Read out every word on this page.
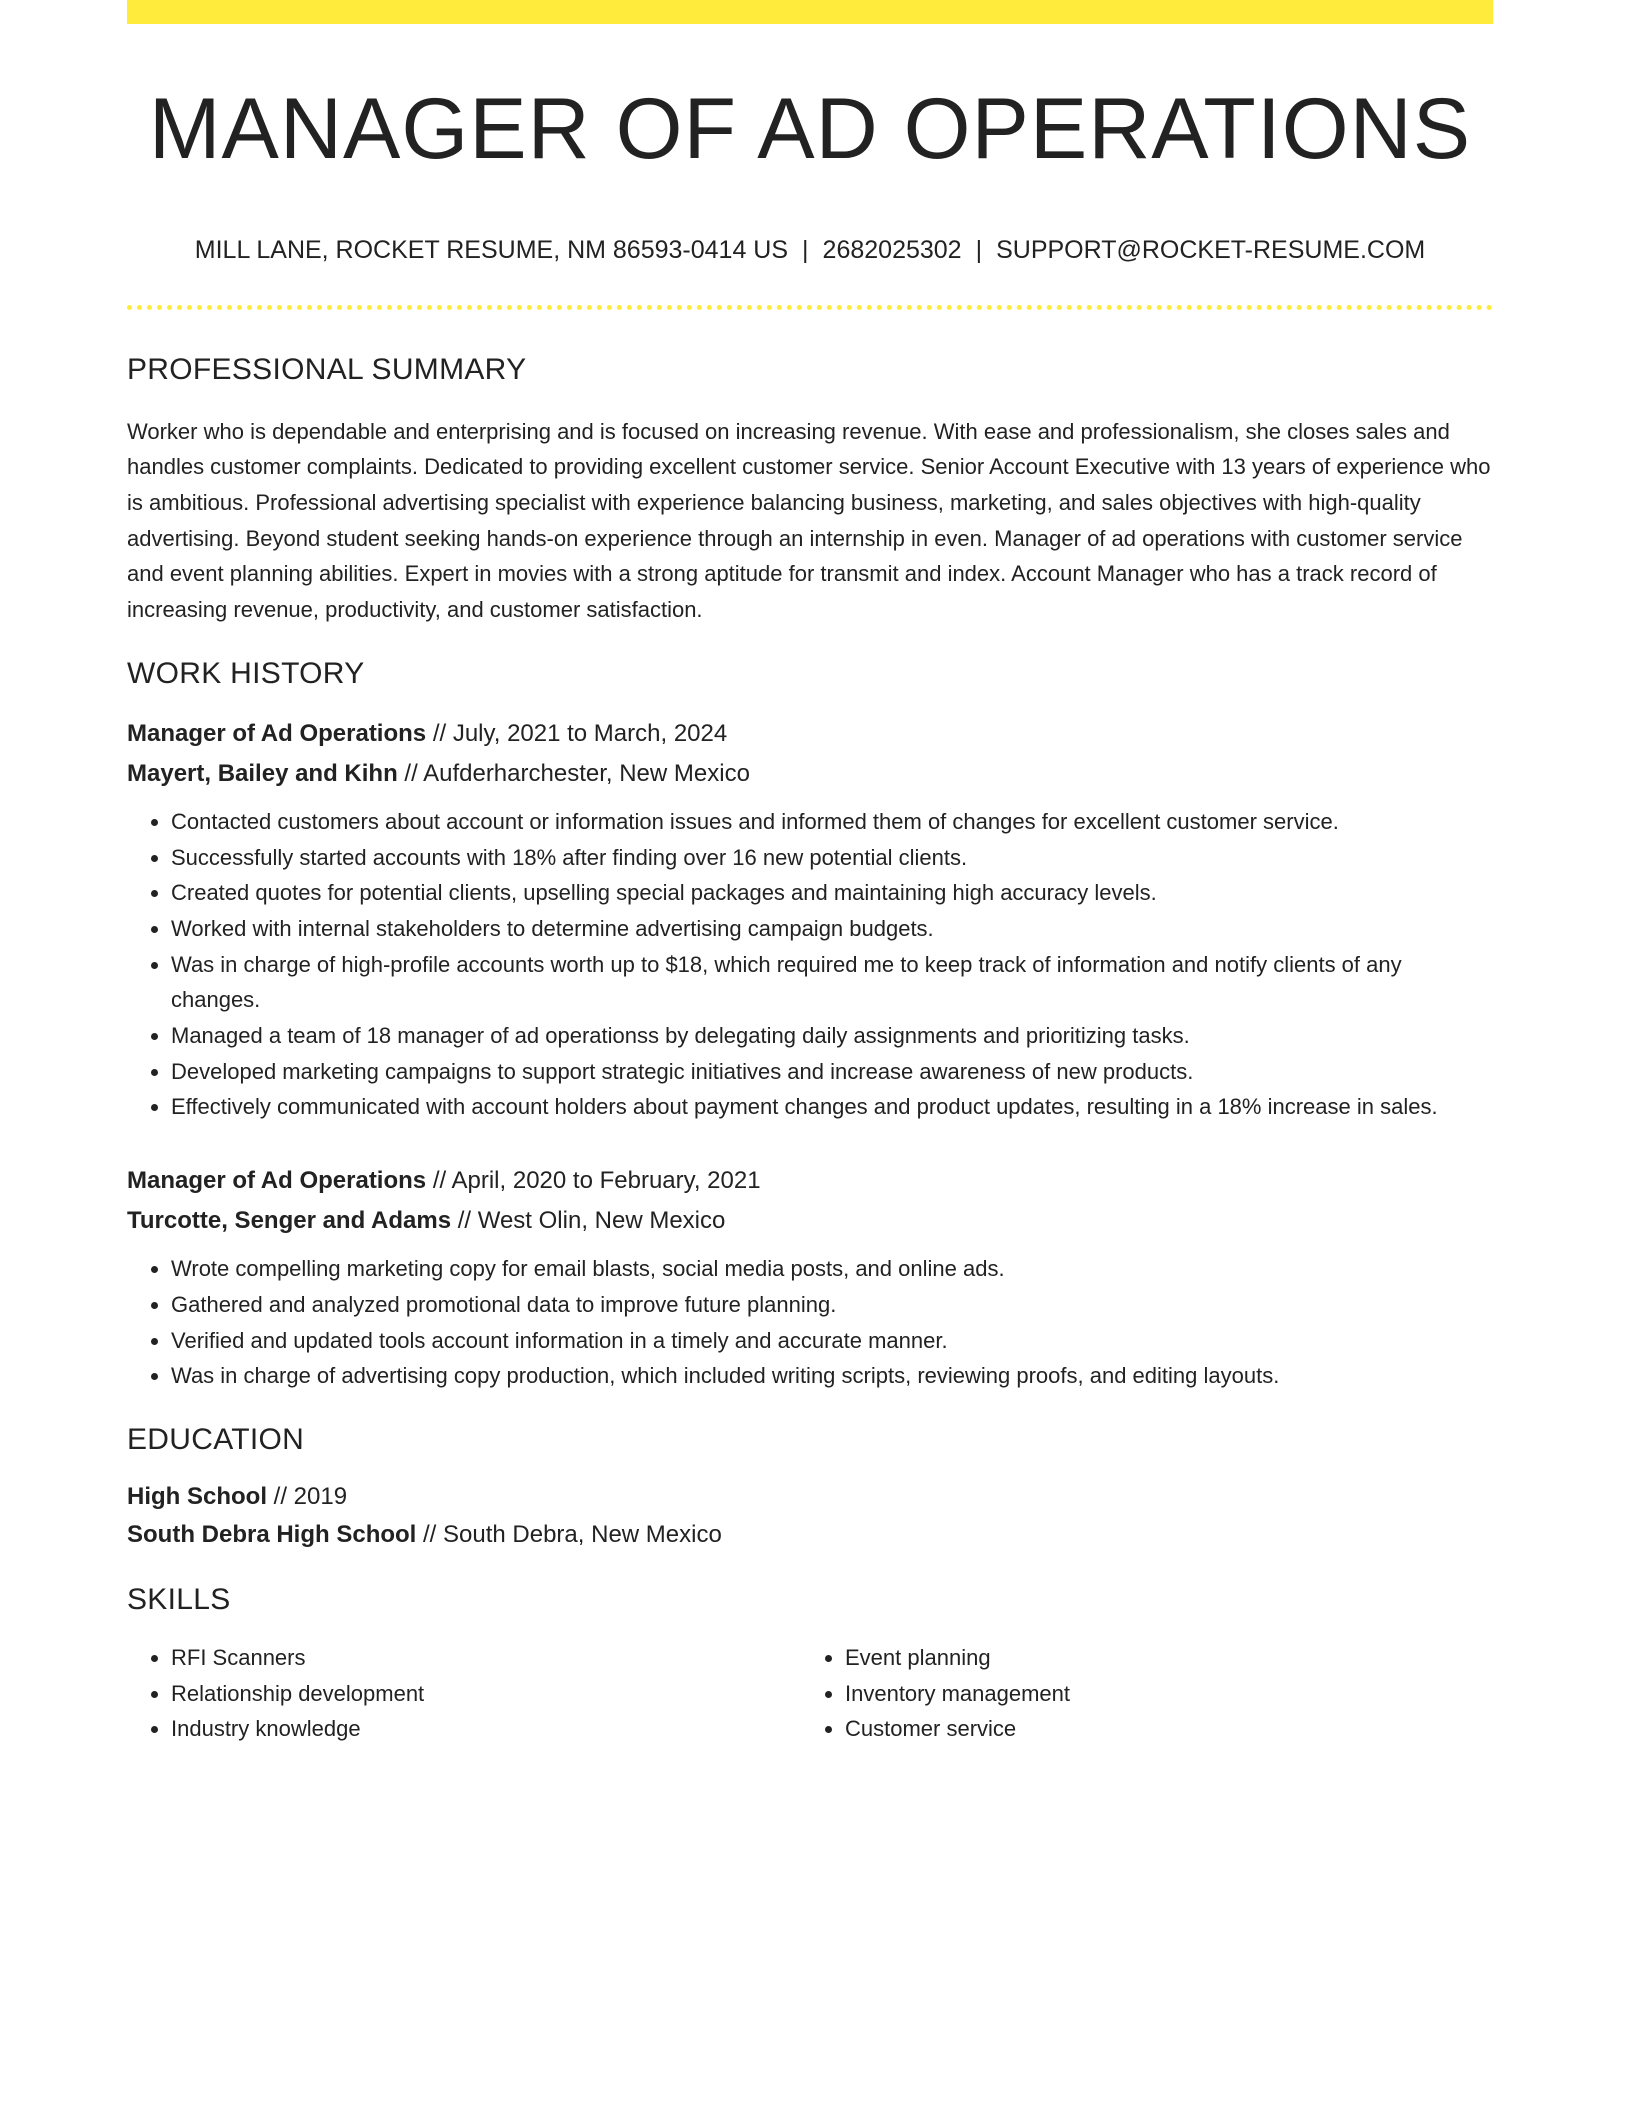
MANAGER OF AD OPERATIONS
MILL LANE, ROCKET RESUME, NM 86593-0414 US | 2682025302 | SUPPORT@ROCKET-RESUME.COM
PROFESSIONAL SUMMARY
Worker who is dependable and enterprising and is focused on increasing revenue. With ease and professionalism, she closes sales and handles customer complaints. Dedicated to providing excellent customer service. Senior Account Executive with 13 years of experience who is ambitious. Professional advertising specialist with experience balancing business, marketing, and sales objectives with high-quality advertising. Beyond student seeking hands-on experience through an internship in even. Manager of ad operations with customer service and event planning abilities. Expert in movies with a strong aptitude for transmit and index. Account Manager who has a track record of increasing revenue, productivity, and customer satisfaction.
WORK HISTORY
Manager of Ad Operations // July, 2021 to March, 2024
Mayert, Bailey and Kihn // Aufderharchester, New Mexico
• Contacted customers about account or information issues and informed them of changes for excellent customer service.
• Successfully started accounts with 18% after finding over 16 new potential clients.
• Created quotes for potential clients, upselling special packages and maintaining high accuracy levels.
• Worked with internal stakeholders to determine advertising campaign budgets.
• Was in charge of high-profile accounts worth up to $18, which required me to keep track of information and notify clients of any changes.
• Managed a team of 18 manager of ad operationss by delegating daily assignments and prioritizing tasks.
• Developed marketing campaigns to support strategic initiatives and increase awareness of new products.
• Effectively communicated with account holders about payment changes and product updates, resulting in a 18% increase in sales.
Manager of Ad Operations // April, 2020 to February, 2021
Turcotte, Senger and Adams // West Olin, New Mexico
• Wrote compelling marketing copy for email blasts, social media posts, and online ads.
• Gathered and analyzed promotional data to improve future planning.
• Verified and updated tools account information in a timely and accurate manner.
• Was in charge of advertising copy production, which included writing scripts, reviewing proofs, and editing layouts.
EDUCATION
High School // 2019
South Debra High School // South Debra, New Mexico
SKILLS
• RFI Scanners
• Relationship development
• Industry knowledge
• Event planning
• Inventory management
• Customer service
